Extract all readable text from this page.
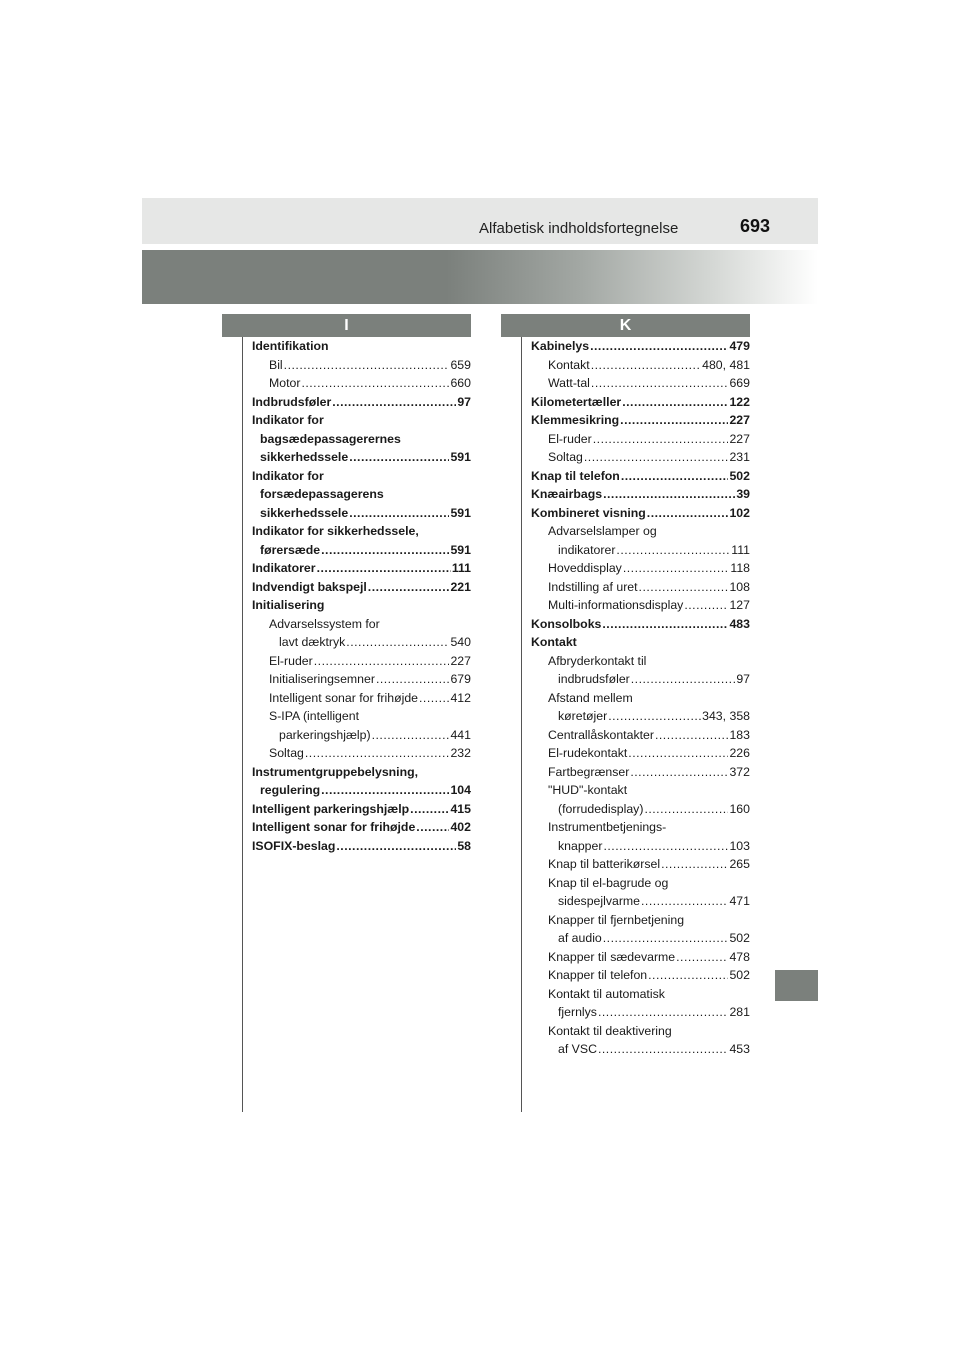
Alfabetisk indholdsfortegnelse	693
I	K
Identifikation
Bil .....	659
Motor .....	660
Indbrudsføler .....	97
Indikator for
bagsædepassagerernes
sikkerhedssele .....	591
Indikator for
forsædepassagerens
sikkerhedssele .....	591
Indikator for sikkerhedssele,
førersæde .....	591
Indikatorer .....	111
Indvendigt bakspejl .....	221
Initialisering
Advarselssystem for
lavt dæktryk .....	540
El-ruder .....	227
Initialiseringsemner .....	679
Intelligent sonar for frihøjde .....	412
S-IPA (intelligent
parkeringshjælp) .....	441
Soltag .....	232
Instrumentgruppebelysning,
regulering .....	104
Intelligent parkeringshjælp .....	415
Intelligent sonar for frihøjde .....	402
ISOFIX-beslag .....	58
Kabinelys .....	479
Kontakt .....	480, 481
Watt-tal .....	669
Kilometertæller .....	122
Klemmesikring .....	227
El-ruder .....	227
Soltag .....	231
Knap til telefon .....	502
Knæairbags .....	39
Kombineret visning .....	102
Advarselslamper og
indikatorer .....	111
Hoveddisplay .....	118
Indstilling af uret .....	108
Multi-informationsdisplay .....	127
Konsolboks .....	483
Kontakt
Afbryderkontakt til
indbrudsføler .....	97
Afstand mellem
køretøjer .....	343, 358
Centrallåskontakter .....	183
El-rudekontakt .....	226
Fartbegrænser .....	372
"HUD"-kontakt
(forrudedisplay) .....	160
Instrumentbetjenings-
knapper .....	103
Knap til batterikørsel .....	265
Knap til el-bagrude og
sidespejlvarme .....	471
Knapper til fjernbetjening
af audio .....	502
Knapper til sædevarme .....	478
Knapper til telefon .....	502
Kontakt til automatisk
fjernlys .....	281
Kontakt til deaktivering
af VSC .....	453
